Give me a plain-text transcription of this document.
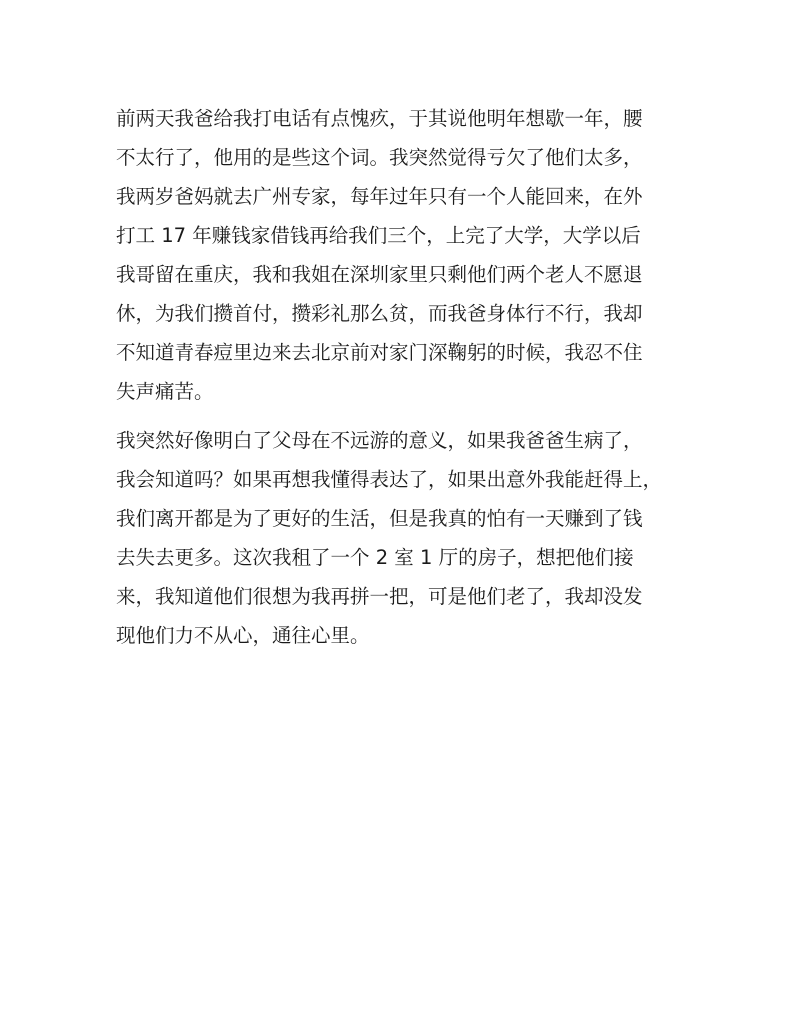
前两天我爸给我打电话有点愧疚，于其说他明年想歇一年，腰
不太行了，他用的是些这个词。我突然觉得亏欠了他们太多，
我两岁爸妈就去广州专家，每年过年只有一个人能回来，在外
打工 17 年赚钱家借钱再给我们三个，上完了大学，大学以后
我哥留在重庆，我和我姐在深圳家里只剩他们两个老人不愿退
休，为我们攒首付，攒彩礼那么贫，而我爸身体行不行，我却
不知道青春痘里边来去北京前对家门深鞠躬的时候，我忍不住
失声痛苦。
我突然好像明白了父母在不远游的意义，如果我爸爸生病了，
我会知道吗？如果再想我懂得表达了，如果出意外我能赶得上，
我们离开都是为了更好的生活，但是我真的怕有一天赚到了钱
去失去更多。这次我租了一个 2 室 1 厅的房子，想把他们接
来，我知道他们很想为我再拼一把，可是他们老了，我却没发
现他们力不从心，通往心里。
